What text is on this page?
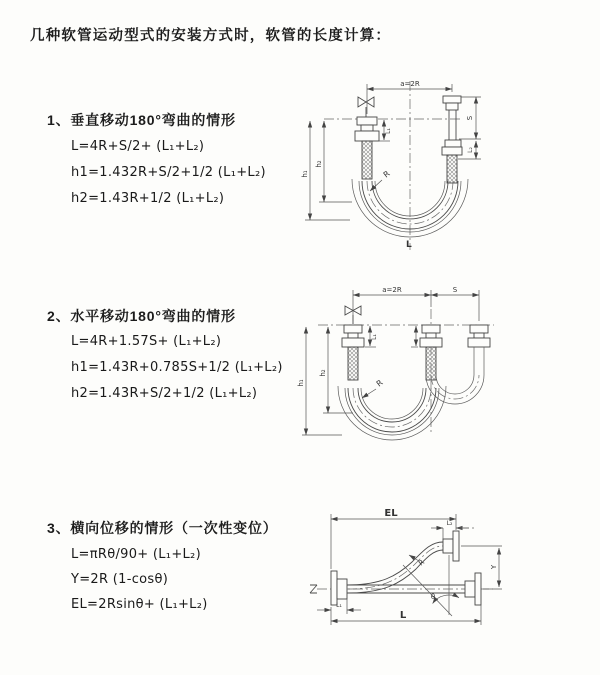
几种软管运动型式的安装方式时，软管的长度计算：
1、垂直移动180°弯曲的情形
L=4R+S/2+ (L₁+L₂)
h1=1.432R+S/2+1/2 (L₁+L₂)
h2=1.43R+1/2 (L₁+L₂)
2、水平移动180°弯曲的情形
L=4R+1.57S+ (L₁+L₂)
h1=1.43R+0.785S+1/2 (L₁+L₂)
h2=1.43R+S/2+1/2 (L₁+L₂)
3、横向位移的情形（一次性变位）
L=πRθ/90+ (L₁+L₂)
Y=2R (1-cosθ)
EL=2Rsinθ+ (L₁+L₂)
a=2R
S
L₂
h₁
h₂
L₁
R
L
a=2R	S
h₁
h₂
L₁
R
θ
EL
L₂
Y
R
L
L₁
